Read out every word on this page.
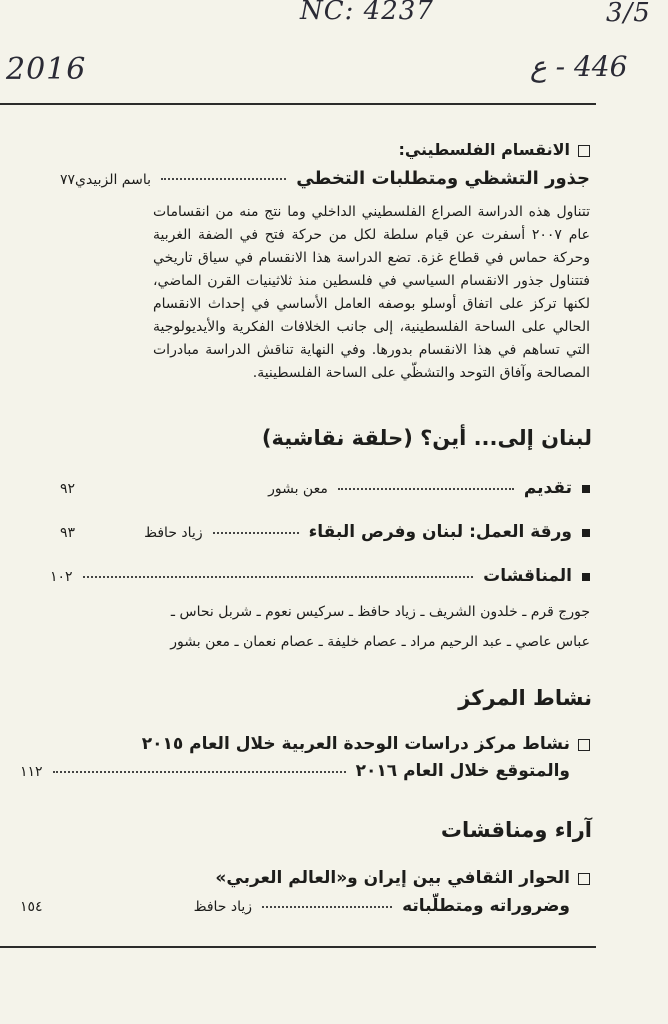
NC: 4237	3/5
2016	446 - ع
الانقسام الفلسطيني:
جذور التشظي ومتطلبات التخطي
باسم الزبيدي
٧٧
تتناول هذه الدراسة الصراع الفلسطيني الداخلي وما نتج منه من انقسامات عام ٢٠٠٧ أسفرت عن قيام سلطة لكل من حركة فتح في الضفة الغربية وحركة حماس في قطاع غزة. تضع الدراسة هذا الانقسام في سياق تاريخي فتتناول جذور الانقسام السياسي في فلسطين منذ ثلاثينيات القرن الماضي، لكنها تركز على اتفاق أوسلو بوصفه العامل الأساسي في إحداث الانقسام الحالي على الساحة الفلسطينية، إلى جانب الخلافات الفكرية والأيديولوجية التي تساهم في هذا الانقسام بدورها. وفي النهاية تناقش الدراسة مبادرات المصالحة وآفاق التوحد والتشظّي على الساحة الفلسطينية.
لبنان إلى... أين؟ (حلقة نقاشية)
تقديم
معن بشور
٩٢
ورقة العمل: لبنان وفرص البقاء
زياد حافظ
٩٣
المناقشات
١٠٢
جورج قرم ـ خلدون الشريف ـ زياد حافظ ـ سركيس نعوم ـ شربل نحاس ـ
عباس عاصي ـ عبد الرحيم مراد ـ عصام خليفة ـ عصام نعمان ـ معن بشور
نشاط المركز
نشاط مركز دراسات الوحدة العربية خلال العام ٢٠١٥
والمتوقع خلال العام ٢٠١٦
١١٢
آراء ومناقشات
الحوار الثقافي بين إيران و«العالم العربي»
وضروراته ومتطلّباته
زياد حافظ
١٥٤
